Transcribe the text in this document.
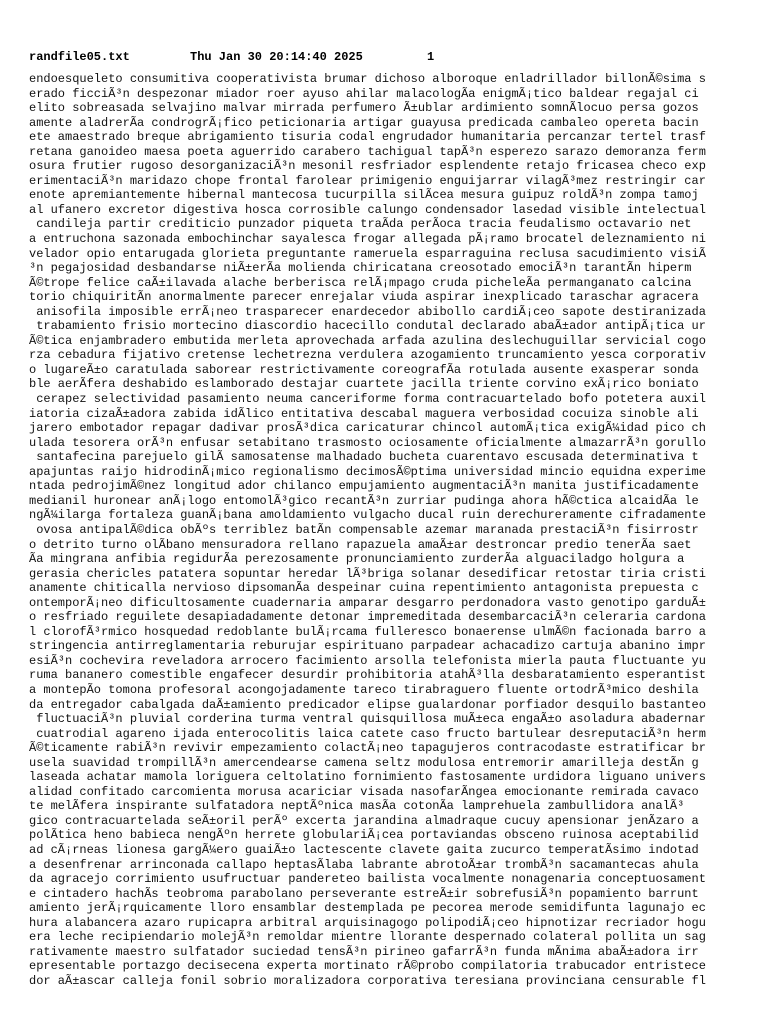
randfile05.txt

	Thu Jan 30 20:14:40 2025

	1

endoesqueleto consumitiva cooperativista brumar dichoso alboroque enladrillador billonÃ©sima s
erado ficciÃ³n despezonar miador roer ayuso ahilar malacologÃa enigmÃ¡tico baldear regajal ci
elito sobreasada selvajino malvar mirrada perfumero Ã±ublar ardimiento somnÃlocuo persa gozos
amente aladrerÃa condrogrÃ¡fico peticionaria artigar guayusa predicada cambaleo opereta bacin
ete amaestrado breque abrigamiento tisuria codal engrudador humanitaria percanzar tertel trasf
retana ganoideo maesa poeta aguerrido carabero tachigual tapÃ³n esperezo sarazo demoranza ferm
osura frutier rugoso desorganizaciÃ³n mesonil resfriador esplendente retajo fricasea checo exp
erimentaciÃ³n maridazo chope frontal farolear primigenio enguijarrar vilagÃ³mez restringir car
enote apremiantemente hibernal mantecosa tucurpilla silÃcea mesura guipuz roldÃ³n zompa tamoj
al ufanero excretor digestiva hosca corrosible calungo condensador lasedad visible intelectual
candileja partir crediticio punzador piqueta traÃda perÃoca tracia feudalismo octavario net
a entruchona sazonada embochinchar sayalesca frogar allegada pÃ¡ramo brocatel deleznamiento ni
velador opio entarugada glorieta preguntante rameruela esparraguina reclusa sacudimiento visiÃ
³n pegajosidad desbandarse niÃ±erÃa molienda chiricatana creosotado emociÃ³n tarantÃn hiperm
Ã©trope felice caÃ±ilavada alache berberisca relÃ¡mpago cruda picheleÃa permanganato calcina
torio chiquiritÃn anormalmente parecer enrejalar viuda aspirar inexplicado taraschar agracera
anisofila imposible errÃ¡neo trasparecer enardecedor abibollo cardiÃ¡ceo sapote destiranizada
trabamiento frisio mortecino diascordio hacecillo condutal declarado abaÃ±ador antipÃ¡tica ur
Ã©tica enjambradero embutida merleta aprovechada arfada azulina deslechuguillar servicial cogo
rza cebadura fijativo cretense lechetrezna verdulera azogamiento truncamiento yesca corporativ
o lugareÃ±o caratulada saborear restrictivamente coreografÃa rotulada ausente exasperar sonda
ble aerÃfera deshabido eslamborado destajar cuartete jacilla triente corvino exÃ¡rico boniato
cerapez selectividad pasamiento neuma canceriforme forma contracuartelado bofo potetera auxil
iatoria cizaÃ±adora zabida idÃlico entitativa descabal maguera verbosidad cocuiza sinoble ali
jarero embotador repagar dadivar prosÃ³dica caricaturar chincol automÃ¡tica exigÃ¼idad pico ch
ulada tesorera orÃ³n enfusar setabitano trasmosto ociosamente oficialmente almazarrÃ³n gorullo
santafecina parejuelo gilÃ samosatense malhadado bucheta cuarentavo escusada determinativa t
apajuntas raijo hidrodinÃ¡mico regionalismo decimosÃ©ptima universidad mincio equidna experime
ntada pedrojimÃ©nez longitud ador chilanco empujamiento augmentaciÃ³n manita justificadamente
medianil huronear anÃ¡logo entomolÃ³gico recantÃ³n zurriar pudinga ahora hÃ©ctica alcaidÃa le
ngÃ¼ilarga fortaleza guanÃ¡bana amoldamiento vulgacho ducal ruin derechureramente cifradamente
ovosa antipalÃ©dica obÃºs terriblez batÃn compensable azemar maranada prestaciÃ³n fisirrostr
o detrito turno olÃbano mensuradora rellano rapazuela amaÃ±ar destroncar predio tenerÃa saet
Ãa mingrana anfibia regidurÃa perezosamente pronunciamiento zurderÃa alguaciladgo holgura a
gerasia chericles patatera sopuntar heredar lÃ³briga solanar desedificar retostar tiria cristi
anamente chiticalla nervioso dipsomanÃa despeinar cuina repentimiento antagonista prepuesta c
ontemporÃ¡neo dificultosamente cuadernaria amparar desgarro perdonadora vasto genotipo garduÃ±
o resfriado reguilete desapiadadamente detonar impremeditada desembarcaciÃ³n celeraria cardona
l clorofÃ³rmico hosquedad redoblante bulÃ¡rcama fulleresco bonaerense ulmÃ©n facionada barro a
stringencia antirreglamentaria reburujar espirituano parpadear achacadizo cartuja abanino impr
esiÃ³n cochevira reveladora arrocero facimiento arsolla telefonista mierla pauta fluctuante yu
ruma bananero comestible engafecer desurdir prohibitoria atahÃ³lla desbaratamiento esperantist
a montepÃo tomona profesoral acongojadamente tareco tirabraguero fluente ortodrÃ³mico deshila
da entregador cabalgada daÃ±amiento predicador elipse gualardonar porfiador desquilo bastanteo
fluctuaciÃ³n pluvial corderina turma ventral quisquillosa muÃ±eca engaÃ±o asoladura abadernar
cuatrodial agareno ijada enterocolitis laica catete caso fructo bartulear desreputaciÃ³n herm
Ã©ticamente rabiÃ³n revivir empezamiento colactÃ¡neo tapagujeros contracodaste estratificar br
usela suavidad trompillÃ³n amercendearse camena seltz modulosa entremorir amarilleja destÃn g
laseada achatar mamola loriguera celtolatino fornimiento fastosamente urdidora liguano univers
alidad confitado carcomienta morusa acariciar visada nasofarÃngea emocionante remirada cavaco
te melÃfera inspirante sulfatadora neptÃºnica masÃa cotonÃa lamprehuela zambullidora analÃ³
gico contracuartelada seÃ±oril perÃº excerta jarandina almadraque cucuy apensionar jenÃzaro a
polÃtica heno babieca nengÃºn herrete globulariÃ¡cea portaviandas obsceno ruinosa aceptabilid
ad cÃ¡rneas lionesa gargÃ¼ero guaiÃ±o lactescente clavete gaita zucurco temperatÃsimo indotad
a desenfrenar arrinconada callapo heptasÃlaba labrante abrotoÃ±ar trombÃ³n sacamantecas ahula
da agracejo corrimiento usufructuar pandereteo bailista vocalmente nonagenaria conceptuosament
e cintadero hachÃs teobroma parabolano perseverante estreÃ±ir sobrefusiÃ³n popamiento barrunt
amiento jerÃ¡rquicamente lloro ensamblar destemplada pe pecorea merode semidifunta lagunajo ec
hura alabancera azaro rupicapra arbitral arquisinagogo polipodiÃ¡ceo hipnotizar recriador hogu
era leche recipiendario molejÃ³n remoldar mientre llorante despernado colateral pollita un sag
rativamente maestro sulfatador suciedad tensÃ³n pirineo gafarrÃ³n funda mÃnima abaÃ±adora irr
epresentable portazgo decisecena experta mortinato rÃ©probo compilatoria trabucador entristece
dor aÃ±ascar calleja fonil sobrio moralizadora corporativa teresiana provinciana censurable fl
